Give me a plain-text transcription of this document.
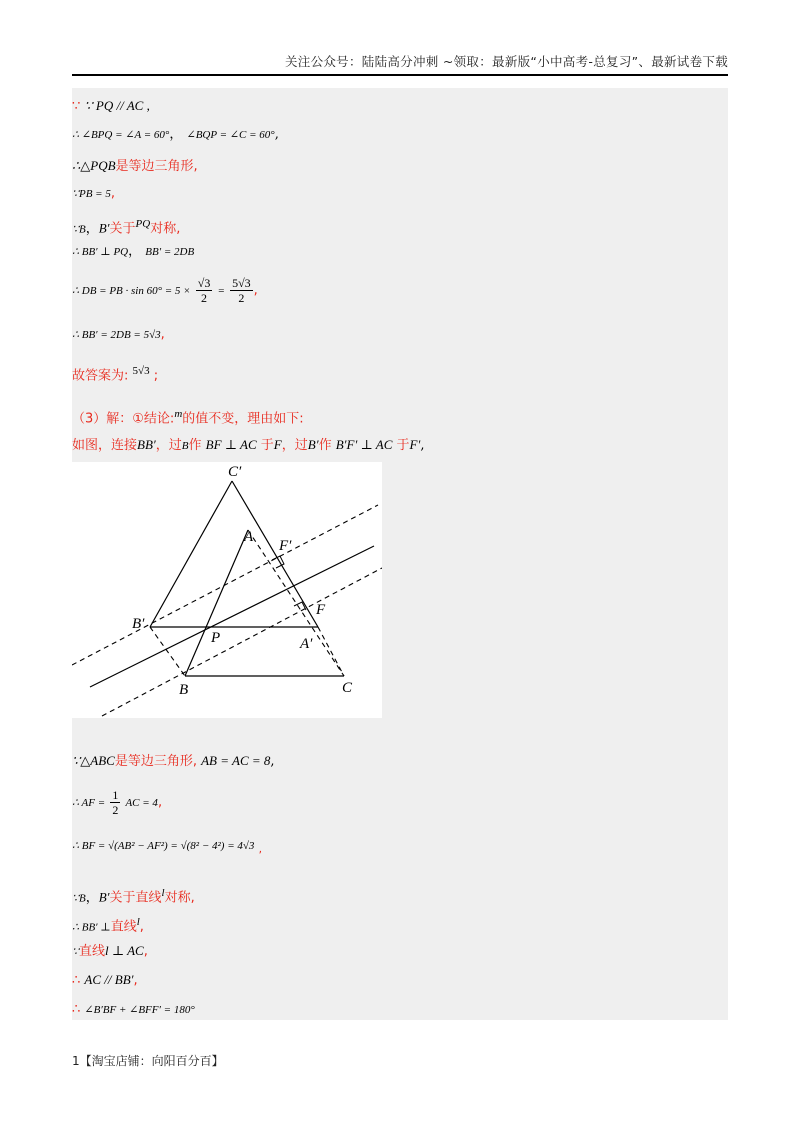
关注公众号：陆陆高分冲刺 ~领取：最新版“小中高考-总复习”、最新试卷下载
∵ ∵ PQ // AC ,
∴ ∠BPQ = ∠A = 60°， ∠BQP = ∠C = 60°,
∴△PQB是等边三角形,
∵PB = 5,
∵B，B′关于$^{PQ}$对称,
∴ BB′ ⊥ PQ， BB′ = 2DB
∴ DB = PB · $\sin 60^\circ = 5 \times \frac{√3}{2} = \frac{5√3}{2}$ ,
∴ BB′ = 2DB = 5√3,
故答案为: $^{5√3}$ ;
（3）解：①结论:$^m$的值不变，理由如下:
如图，连接BB′，过B作 BF ⊥ AC 于F，过B′作 B′F′ ⊥ AC 于F′,
C′
A
F′
F
B′
P	A′
B	C
∵△ABC是等边三角形, AB = AC = 8,
∴ AF = $\frac{1}{2}$ AC = 4,
∴ BF = √(AB² − AF²) = √(8² − 4²) = 4√3 $_,$
∵B，B′关于直线$^l$对称,
∴ BB′ ⊥直线$^l$,
∵直线l ⊥ AC,
∴ AC // BB′,
∴ ∠B′BF + ∠BFF′ = 180°
1【淘宝店铺：向阳百分百】
